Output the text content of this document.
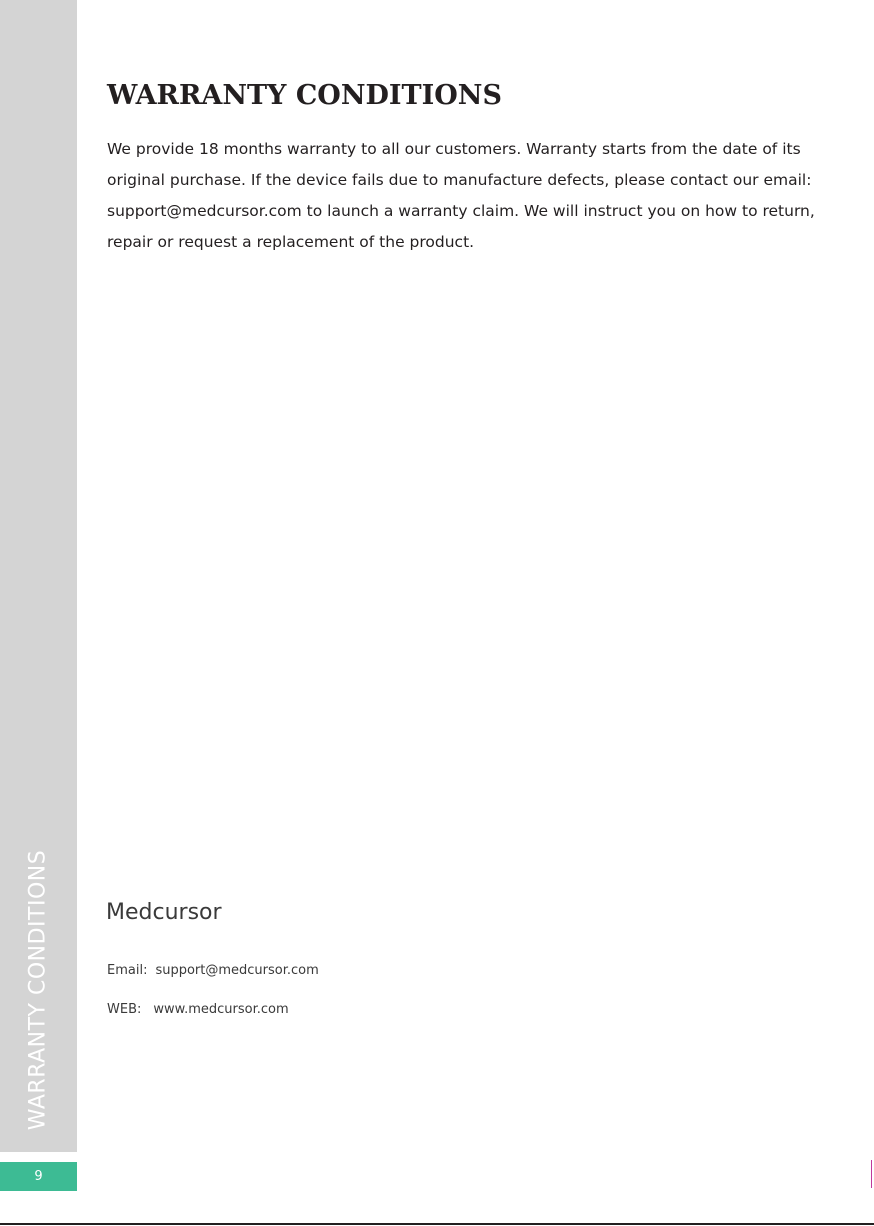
WARRANTY CONDITIONS
9
WARRANTY CONDITIONS
We provide 18 months warranty to all our customers. Warranty starts from the date of its
original purchase. If the device fails due to manufacture defects, please contact our email:
support@medcursor.com to launch a warranty claim. We will instruct you on how to return,
repair or request a replacement of the product.
Medcursor
Email: support@medcursor.com
WEB: www.medcursor.com
